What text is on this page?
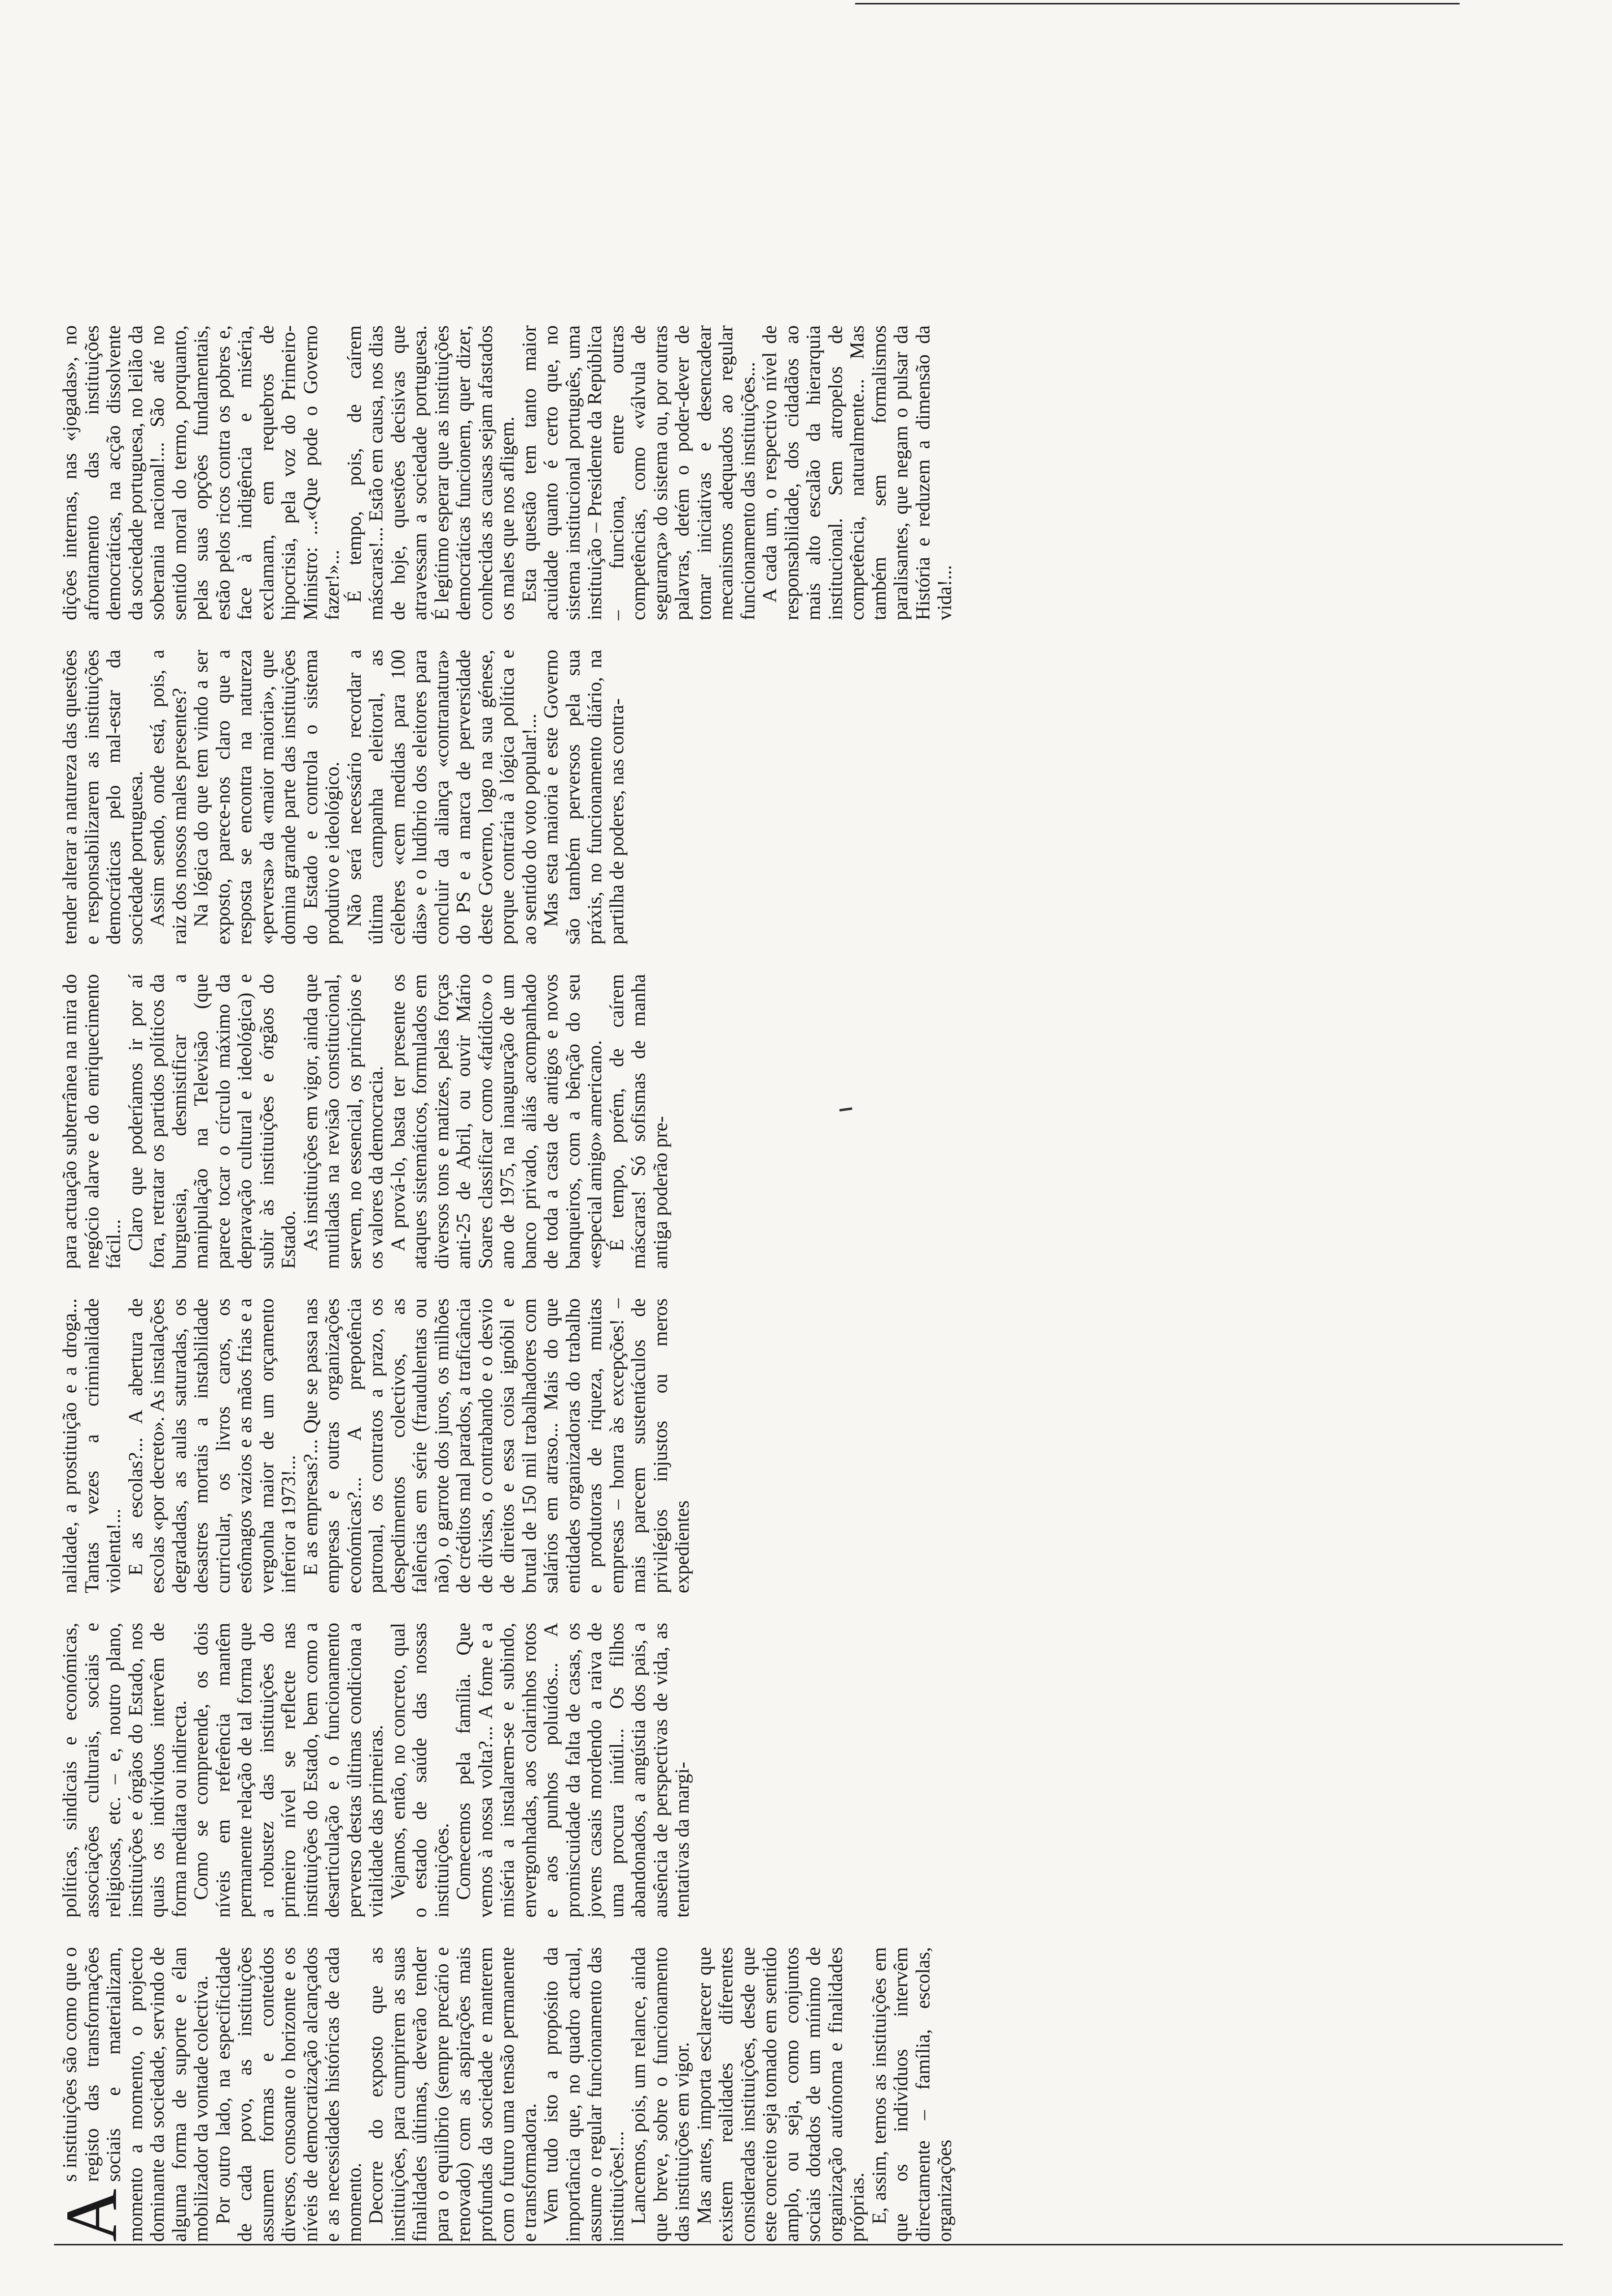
A
s instituições são como que o registo das transformações sociais e materializam, momento a momento, o projecto dominante da sociedade, servindo de alguma forma de suporte e élan mobilizador da vontade colectiva. Por outro lado, na especificidade de cada povo, as instituições assumem formas e conteúdos diversos, consoante o horizonte e os níveis de democratização alcançados e as necessidades históricas de cada momento. Decorre do exposto que as instituições, para cumprirem as suas finalidades últimas, deverão tender para o equilíbrio (sempre precário e renovado) com as aspirações mais profundas da sociedade e manterem com o futuro uma tensão permanente e transformadora. Vem tudo isto a propósito da importância que, no quadro actual, assume o regular funcionamento das instituições!... Lancemos, pois, um relance, ainda que breve, sobre o funcionamento das instituições em vigor. Mas antes, importa esclarecer que existem realidades diferentes consideradas instituições, desde que este conceito seja tomado em sentido amplo, ou seja, como conjuntos sociais dotados de um mínimo de organização autónoma e finalidades próprias. E, assim, temos as instituições em que os indivíduos intervêm directamente – família, escolas, organizações

políticas, sindicais e económicas, associações culturais, sociais e religiosas, etc. – e, noutro plano, instituições e órgãos do Estado, nos quais os indivíduos intervêm de forma mediata ou indirecta. Como se compreende, os dois níveis em referência mantêm permanente relação de tal forma que a robustez das instituições do primeiro nível se reflecte nas instituições do Estado, bem como a desarticulação e o funcionamento perverso destas últimas condiciona a vitalidade das primeiras. Vejamos, então, no concreto, qual o estado de saúde das nossas instituições. Comecemos pela família. Que vemos à nossa volta?... A fome e a miséria a instalarem-se e subindo, envergonhadas, aos colarinhos rotos e aos punhos poluídos... A promiscuidade da falta de casas, os jovens casais mordendo a raiva de uma procura inútil... Os filhos abandonados, a angústia dos pais, a ausência de perspectivas de vida, as tentativas da margi-

nalidade, a prostituição e a droga... Tantas vezes a criminalidade violenta!... E as escolas?... A abertura de escolas «por decreto». As instalações degradadas, as aulas saturadas, os desastres mortais a instabilidade curricular, os livros caros, os estômagos vazios e as mãos frias e a vergonha maior de um orçamento inferior a 1973!... E as empresas?... Que se passa nas empresas e outras organizações económicas?... A prepotência patronal, os contratos a prazo, os despedimentos colectivos, as falências em série (fraudulentas ou não), o garrote dos juros, os milhões de créditos mal parados, a traficância de divisas, o contrabando e o desvio de direitos e essa coisa ignóbil e brutal de 150 mil trabalhadores com salários em atraso... Mais do que entidades organizadoras do trabalho e produtoras de riqueza, muitas empresas – honra às excepções! – mais parecem sustentáculos de privilégios injustos ou meros expedientes

para actuação subterrânea na mira do negócio alarve e do enriquecimento fácil... Claro que poderíamos ir por aí fora, retratar os partidos políticos da burguesia, desmistificar a manipulação na Televisão (que parece tocar o círculo máximo da depravação cultural e ideológica) e subir às instituições e órgãos do Estado. As instituições em vigor, ainda que mutiladas na revisão constitucional, servem, no essencial, os princípios e os valores da democracia. A prová-lo, basta ter presente os ataques sistemáticos, formulados em diversos tons e matizes, pelas forças anti-25 de Abril, ou ouvir Mário Soares classificar como «fatídico» o ano de 1975, na inauguração de um banco privado, aliás acompanhado de toda a casta de antigos e novos banqueiros, com a bênção do seu «especial amigo» americano. É tempo, porém, de caírem máscaras! Só sofismas de manha antiga poderão pre-

tender alterar a natureza das questões e responsabilizarem as instituições democráticas pelo mal-estar da sociedade portuguesa. Assim sendo, onde está, pois, a raiz dos nossos males presentes? Na lógica do que tem vindo a ser exposto, parece-nos claro que a resposta se encontra na natureza «perversa» da «maior maioria», que domina grande parte das instituições do Estado e controla o sistema produtivo e ideológico. Não será necessário recordar a última campanha eleitoral, as célebres «cem medidas para 100 dias» e o ludíbrio dos eleitores para concluir da aliança «contranatura» do PS e a marca de perversidade deste Governo, logo na sua génese, porque contrária à lógica política e ao sentido do voto popular!... Mas esta maioria e este Governo são também perversos pela sua práxis, no funcionamento diário, na partilha de poderes, nas contra-

dições internas, nas «jogadas», no afrontamento das instituições democráticas, na acção dissolvente da sociedade portuguesa, no leilão da soberania nacional!... São até no sentido moral do termo, porquanto, pelas suas opções fundamentais, estão pelos ricos contra os pobres e, face à indigência e miséria, exclamam, em requebros de hipocrisia, pela voz do Primeiro-Ministro: ...«Que pode o Governo fazer!»... É tempo, pois, de caírem máscaras!... Estão em causa, nos dias de hoje, questões decisivas que atravessam a sociedade portuguesa. É legítimo esperar que as instituições democráticas funcionem, quer dizer, conhecidas as causas sejam afastados os males que nos afligem. Esta questão tem tanto maior acuidade quanto é certo que, no sistema institucional português, uma instituição – Presidente da República – funciona, entre outras competências, como «válvula de segurança» do sistema ou, por outras palavras, detém o poder-dever de tomar iniciativas e desencadear mecanismos adequados ao regular funcionamento das instituições... A cada um, o respectivo nível de responsabilidade, dos cidadãos ao mais alto escalão da hierarquia institucional. Sem atropelos de competência, naturalmente... Mas também sem formalismos paralisantes, que negam o pulsar da História e reduzem a dimensão da vida!...
